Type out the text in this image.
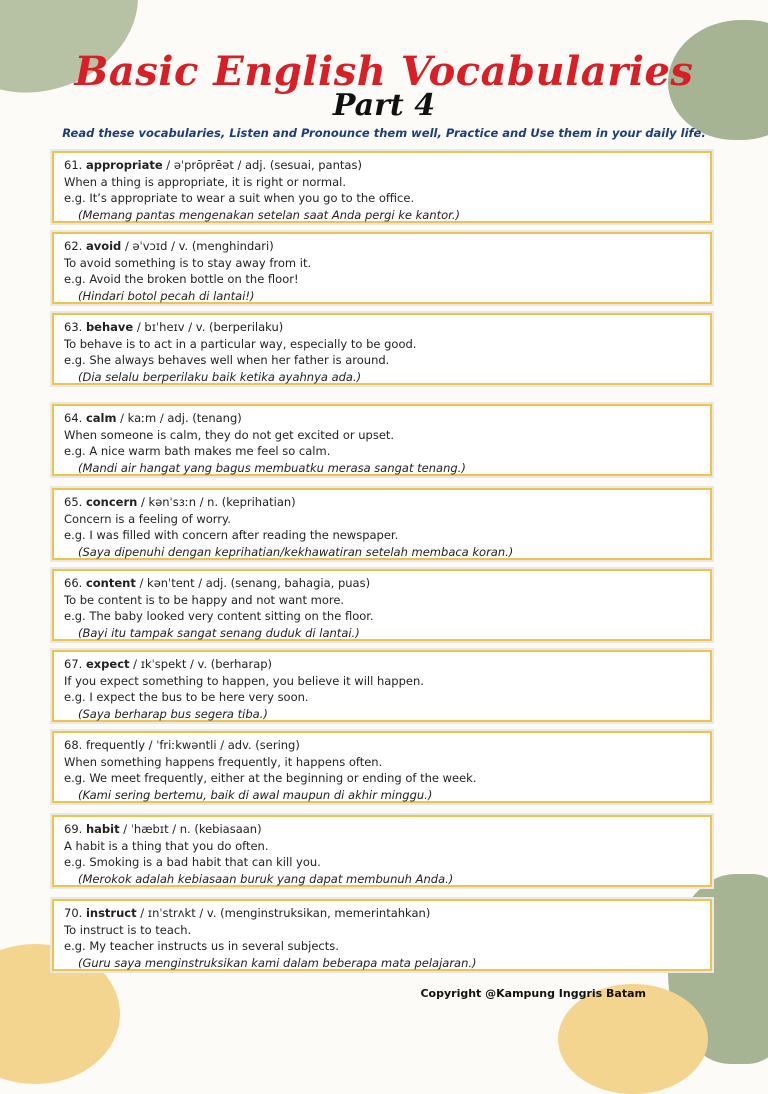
Basic English Vocabularies
Part 4
Read these vocabularies, Listen and Pronounce them well, Practice and Use them in your daily life.
61. appropriate / əˈprōprēət / adj. (sesuai, pantas)
When a thing is appropriate, it is right or normal.
e.g. It’s appropriate to wear a suit when you go to the office.
(Memang pantas mengenakan setelan saat Anda pergi ke kantor.)
62. avoid / əˈvɔɪd / v. (menghindari)
To avoid something is to stay away from it.
e.g. Avoid the broken bottle on the floor!
(Hindari botol pecah di lantai!)
63. behave / bɪˈheɪv / v. (berperilaku)
To behave is to act in a particular way, especially to be good.
e.g. She always behaves well when her father is around.
(Dia selalu berperilaku baik ketika ayahnya ada.)
64. calm / kaːm / adj. (tenang)
When someone is calm, they do not get excited or upset.
e.g. A nice warm bath makes me feel so calm.
(Mandi air hangat yang bagus membuatku merasa sangat tenang.)
65. concern / kənˈsɜːn / n. (keprihatian)
Concern is a feeling of worry.
e.g. I was filled with concern after reading the newspaper.
(Saya dipenuhi dengan keprihatian/kekhawatiran setelah membaca koran.)
66. content / kənˈtent / adj. (senang, bahagia, puas)
To be content is to be happy and not want more.
e.g. The baby looked very content sitting on the floor.
(Bayi itu tampak sangat senang duduk di lantai.)
67. expect / ɪkˈspekt / v. (berharap)
If you expect something to happen, you believe it will happen.
e.g. I expect the bus to be here very soon.
(Saya berharap bus segera tiba.)
68. frequently / ˈfriːkwəntli / adv. (sering)
When something happens frequently, it happens often.
e.g. We meet frequently, either at the beginning or ending of the week.
(Kami sering bertemu, baik di awal maupun di akhir minggu.)
69. habit / ˈhæbɪt / n. (kebiasaan)
A habit is a thing that you do often.
e.g. Smoking is a bad habit that can kill you.
(Merokok adalah kebiasaan buruk yang dapat membunuh Anda.)
70. instruct / ɪnˈstrʌkt / v. (menginstruksikan, memerintahkan)
To instruct is to teach.
e.g. My teacher instructs us in several subjects.
(Guru saya menginstruksikan kami dalam beberapa mata pelajaran.)
Copyright @Kampung Inggris Batam
